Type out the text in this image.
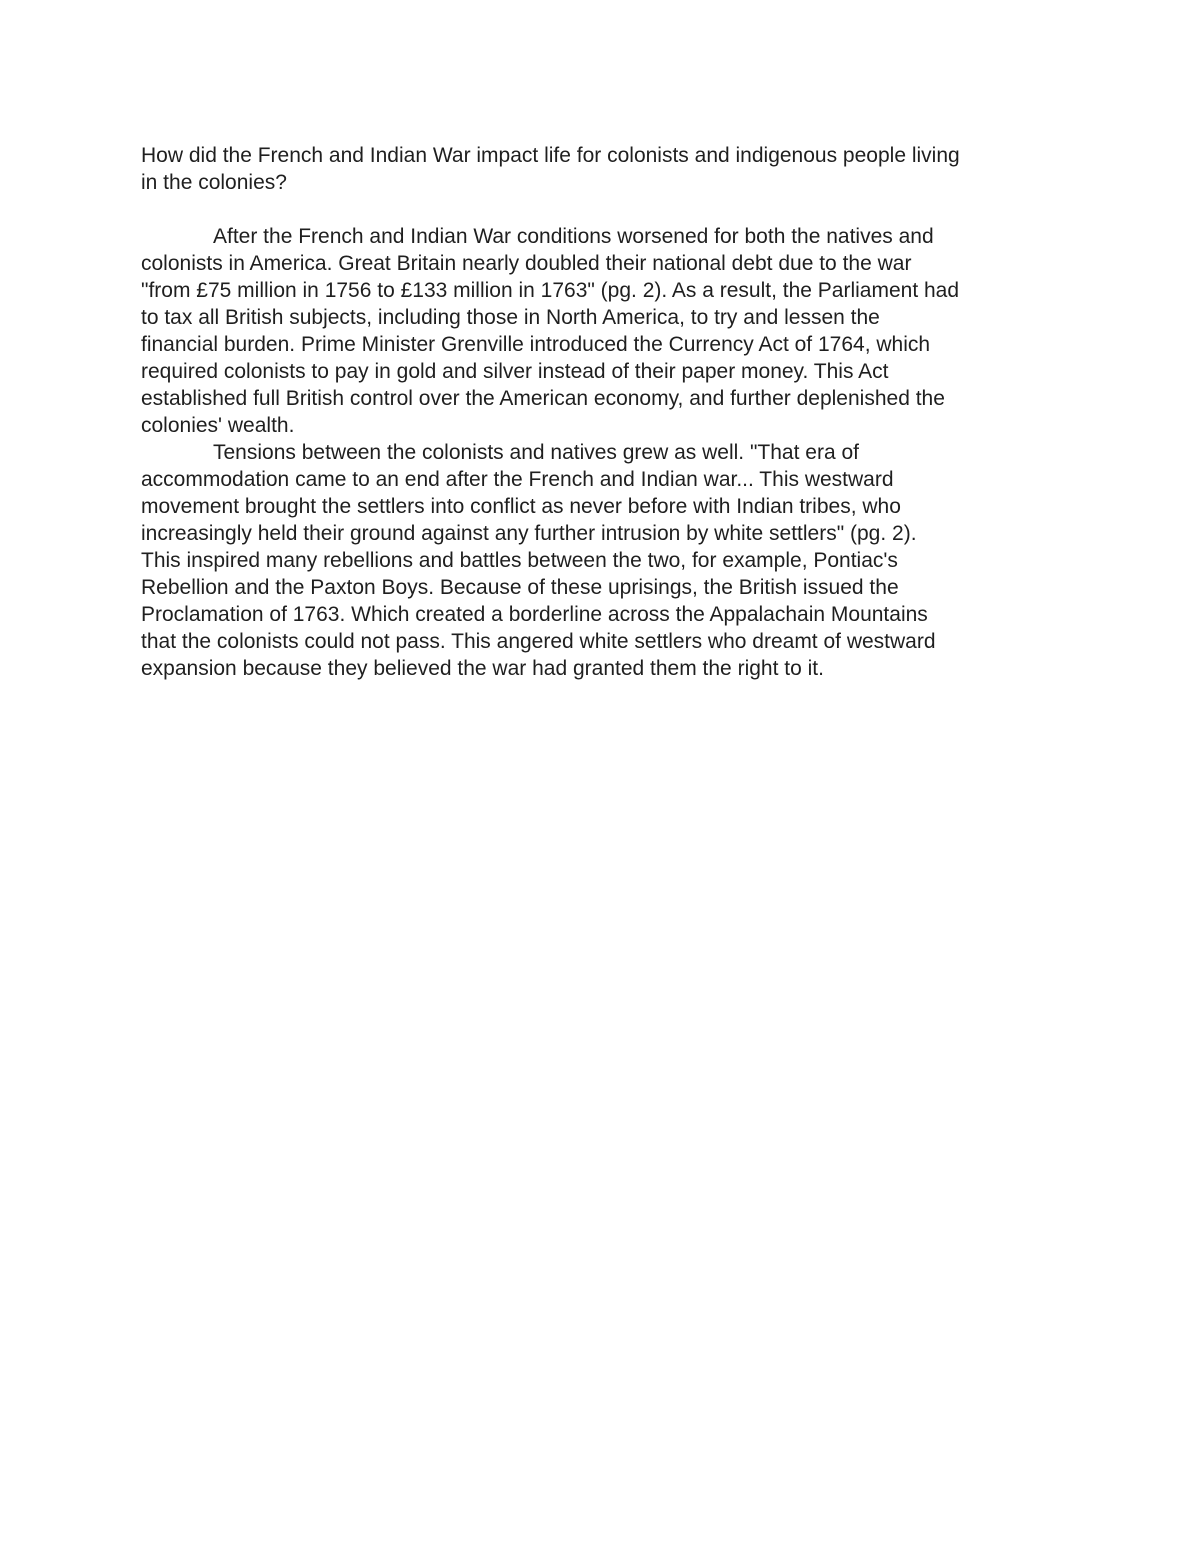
How did the French and Indian War impact life for colonists and indigenous people living
in the colonies?

After the French and Indian War conditions worsened for both the natives and
colonists in America. Great Britain nearly doubled their national debt due to the war
"from £75 million in 1756 to £133 million in 1763" (pg. 2). As a result, the Parliament had
to tax all British subjects, including those in North America, to try and lessen the
financial burden. Prime Minister Grenville introduced the Currency Act of 1764, which
required colonists to pay in gold and silver instead of their paper money. This Act
established full British control over the American economy, and further deplenished the
colonies' wealth.

Tensions between the colonists and natives grew as well. "That era of
accommodation came to an end after the French and Indian war... This westward
movement brought the settlers into conflict as never before with Indian tribes, who
increasingly held their ground against any further intrusion by white settlers" (pg. 2).
This inspired many rebellions and battles between the two, for example, Pontiac's
Rebellion and the Paxton Boys. Because of these uprisings, the British issued the
Proclamation of 1763. Which created a borderline across the Appalachain Mountains
that the colonists could not pass. This angered white settlers who dreamt of westward
expansion because they believed the war had granted them the right to it.
